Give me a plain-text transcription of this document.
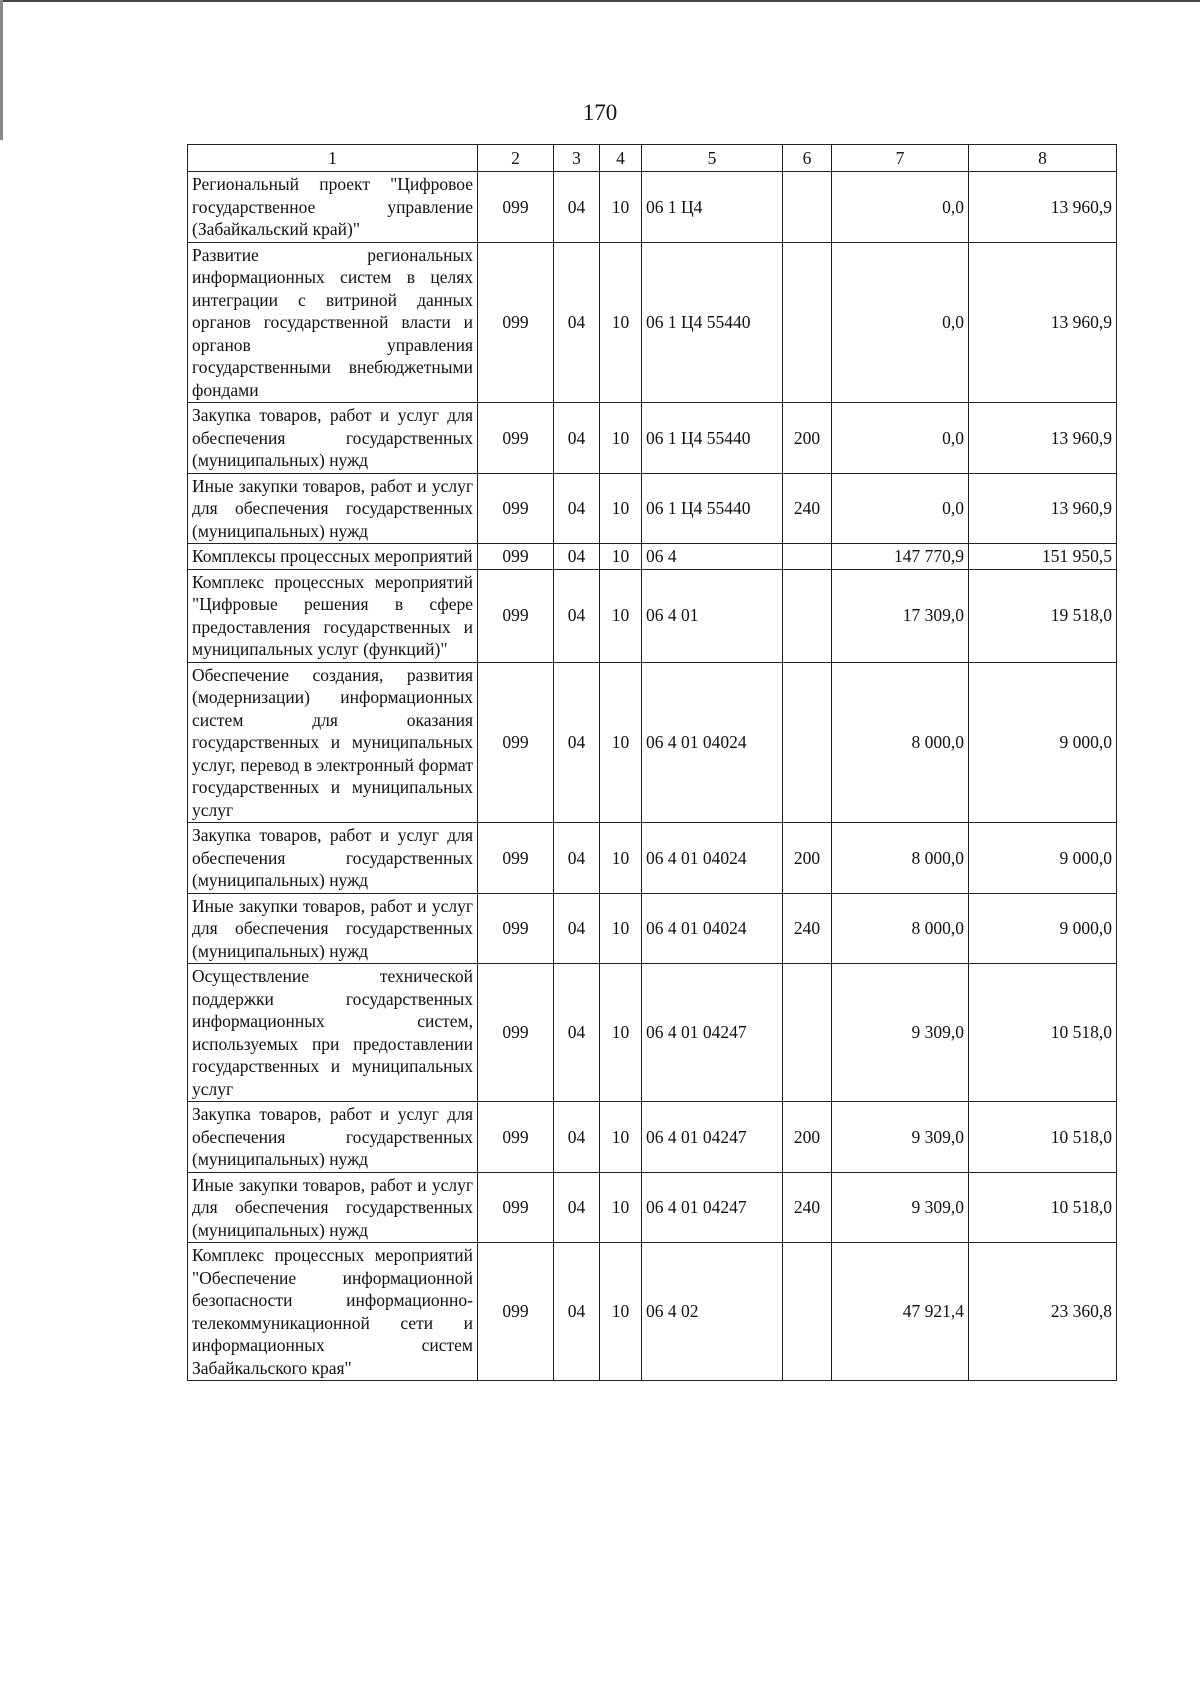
170
1	2	3	4	5	6	7	8
Региональный проект "Цифровое государственное управление (Забайкальский край)"	099	04	10	06 1 Ц4		0,0	13 960,9
Развитие региональных информационных систем в целях интеграции с витриной данных органов государственной власти и органов управления государственными внебюджетными фондами	099	04	10	06 1 Ц4 55440		0,0	13 960,9
Закупка товаров, работ и услуг для обеспечения государственных (муниципальных) нужд	099	04	10	06 1 Ц4 55440	200	0,0	13 960,9
Иные закупки товаров, работ и услуг для обеспечения государственных (муниципальных) нужд	099	04	10	06 1 Ц4 55440	240	0,0	13 960,9
Комплексы процессных мероприятий	099	04	10	06 4		147 770,9	151 950,5
Комплекс процессных мероприятий "Цифровые решения в сфере предоставления государственных и муниципальных услуг (функций)"	099	04	10	06 4 01		17 309,0	19 518,0
Обеспечение создания, развития (модернизации) информационных систем для оказания государственных и муниципальных услуг, перевод в электронный формат государственных и муниципальных услуг	099	04	10	06 4 01 04024		8 000,0	9 000,0
Закупка товаров, работ и услуг для обеспечения государственных (муниципальных) нужд	099	04	10	06 4 01 04024	200	8 000,0	9 000,0
Иные закупки товаров, работ и услуг для обеспечения государственных (муниципальных) нужд	099	04	10	06 4 01 04024	240	8 000,0	9 000,0
Осуществление технической поддержки государственных информационных систем, используемых при предоставлении государственных и муниципальных услуг	099	04	10	06 4 01 04247		9 309,0	10 518,0
Закупка товаров, работ и услуг для обеспечения государственных (муниципальных) нужд	099	04	10	06 4 01 04247	200	9 309,0	10 518,0
Иные закупки товаров, работ и услуг для обеспечения государственных (муниципальных) нужд	099	04	10	06 4 01 04247	240	9 309,0	10 518,0
Комплекс процессных мероприятий "Обеспечение информационной безопасности информационно-телекоммуникационной сети и информационных систем Забайкальского края"	099	04	10	06 4 02		47 921,4	23 360,8
